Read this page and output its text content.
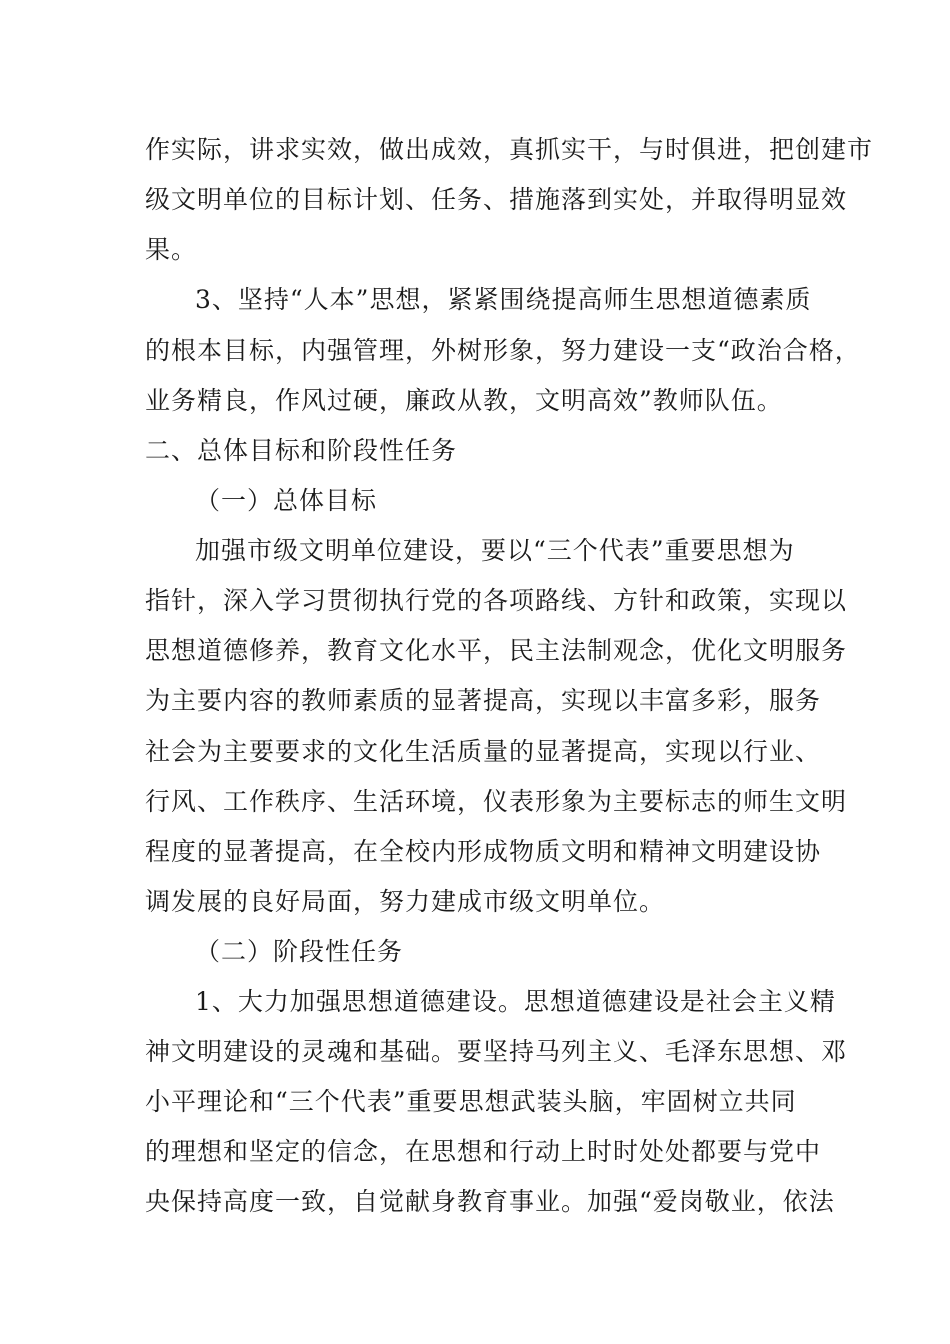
作实际，讲求实效，做出成效，真抓实干，与时俱进，把创建市

级文明单位的目标计划、任务、措施落到实处，并取得明显效

果。

3、坚持“人本”思想，紧紧围绕提高师生思想道德素质

的根本目标，内强管理，外树形象，努力建设一支“政治合格，

业务精良，作风过硬，廉政从教，文明高效”教师队伍。

二、总体目标和阶段性任务

（一）总体目标

加强市级文明单位建设，要以“三个代表”重要思想为

指针，深入学习贯彻执行党的各项路线、方针和政策，实现以

思想道德修养，教育文化水平，民主法制观念，优化文明服务

为主要内容的教师素质的显著提高，实现以丰富多彩，服务

社会为主要要求的文化生活质量的显著提高，实现以行业、

行风、工作秩序、生活环境，仪表形象为主要标志的师生文明

程度的显著提高，在全校内形成物质文明和精神文明建设协

调发展的良好局面，努力建成市级文明单位。

（二）阶段性任务

1、大力加强思想道德建设。思想道德建设是社会主义精

神文明建设的灵魂和基础。要坚持马列主义、毛泽东思想、邓

小平理论和“三个代表”重要思想武装头脑，牢固树立共同

的理想和坚定的信念，在思想和行动上时时处处都要与党中

央保持高度一致，自觉献身教育事业。加强“爱岗敬业，依法
